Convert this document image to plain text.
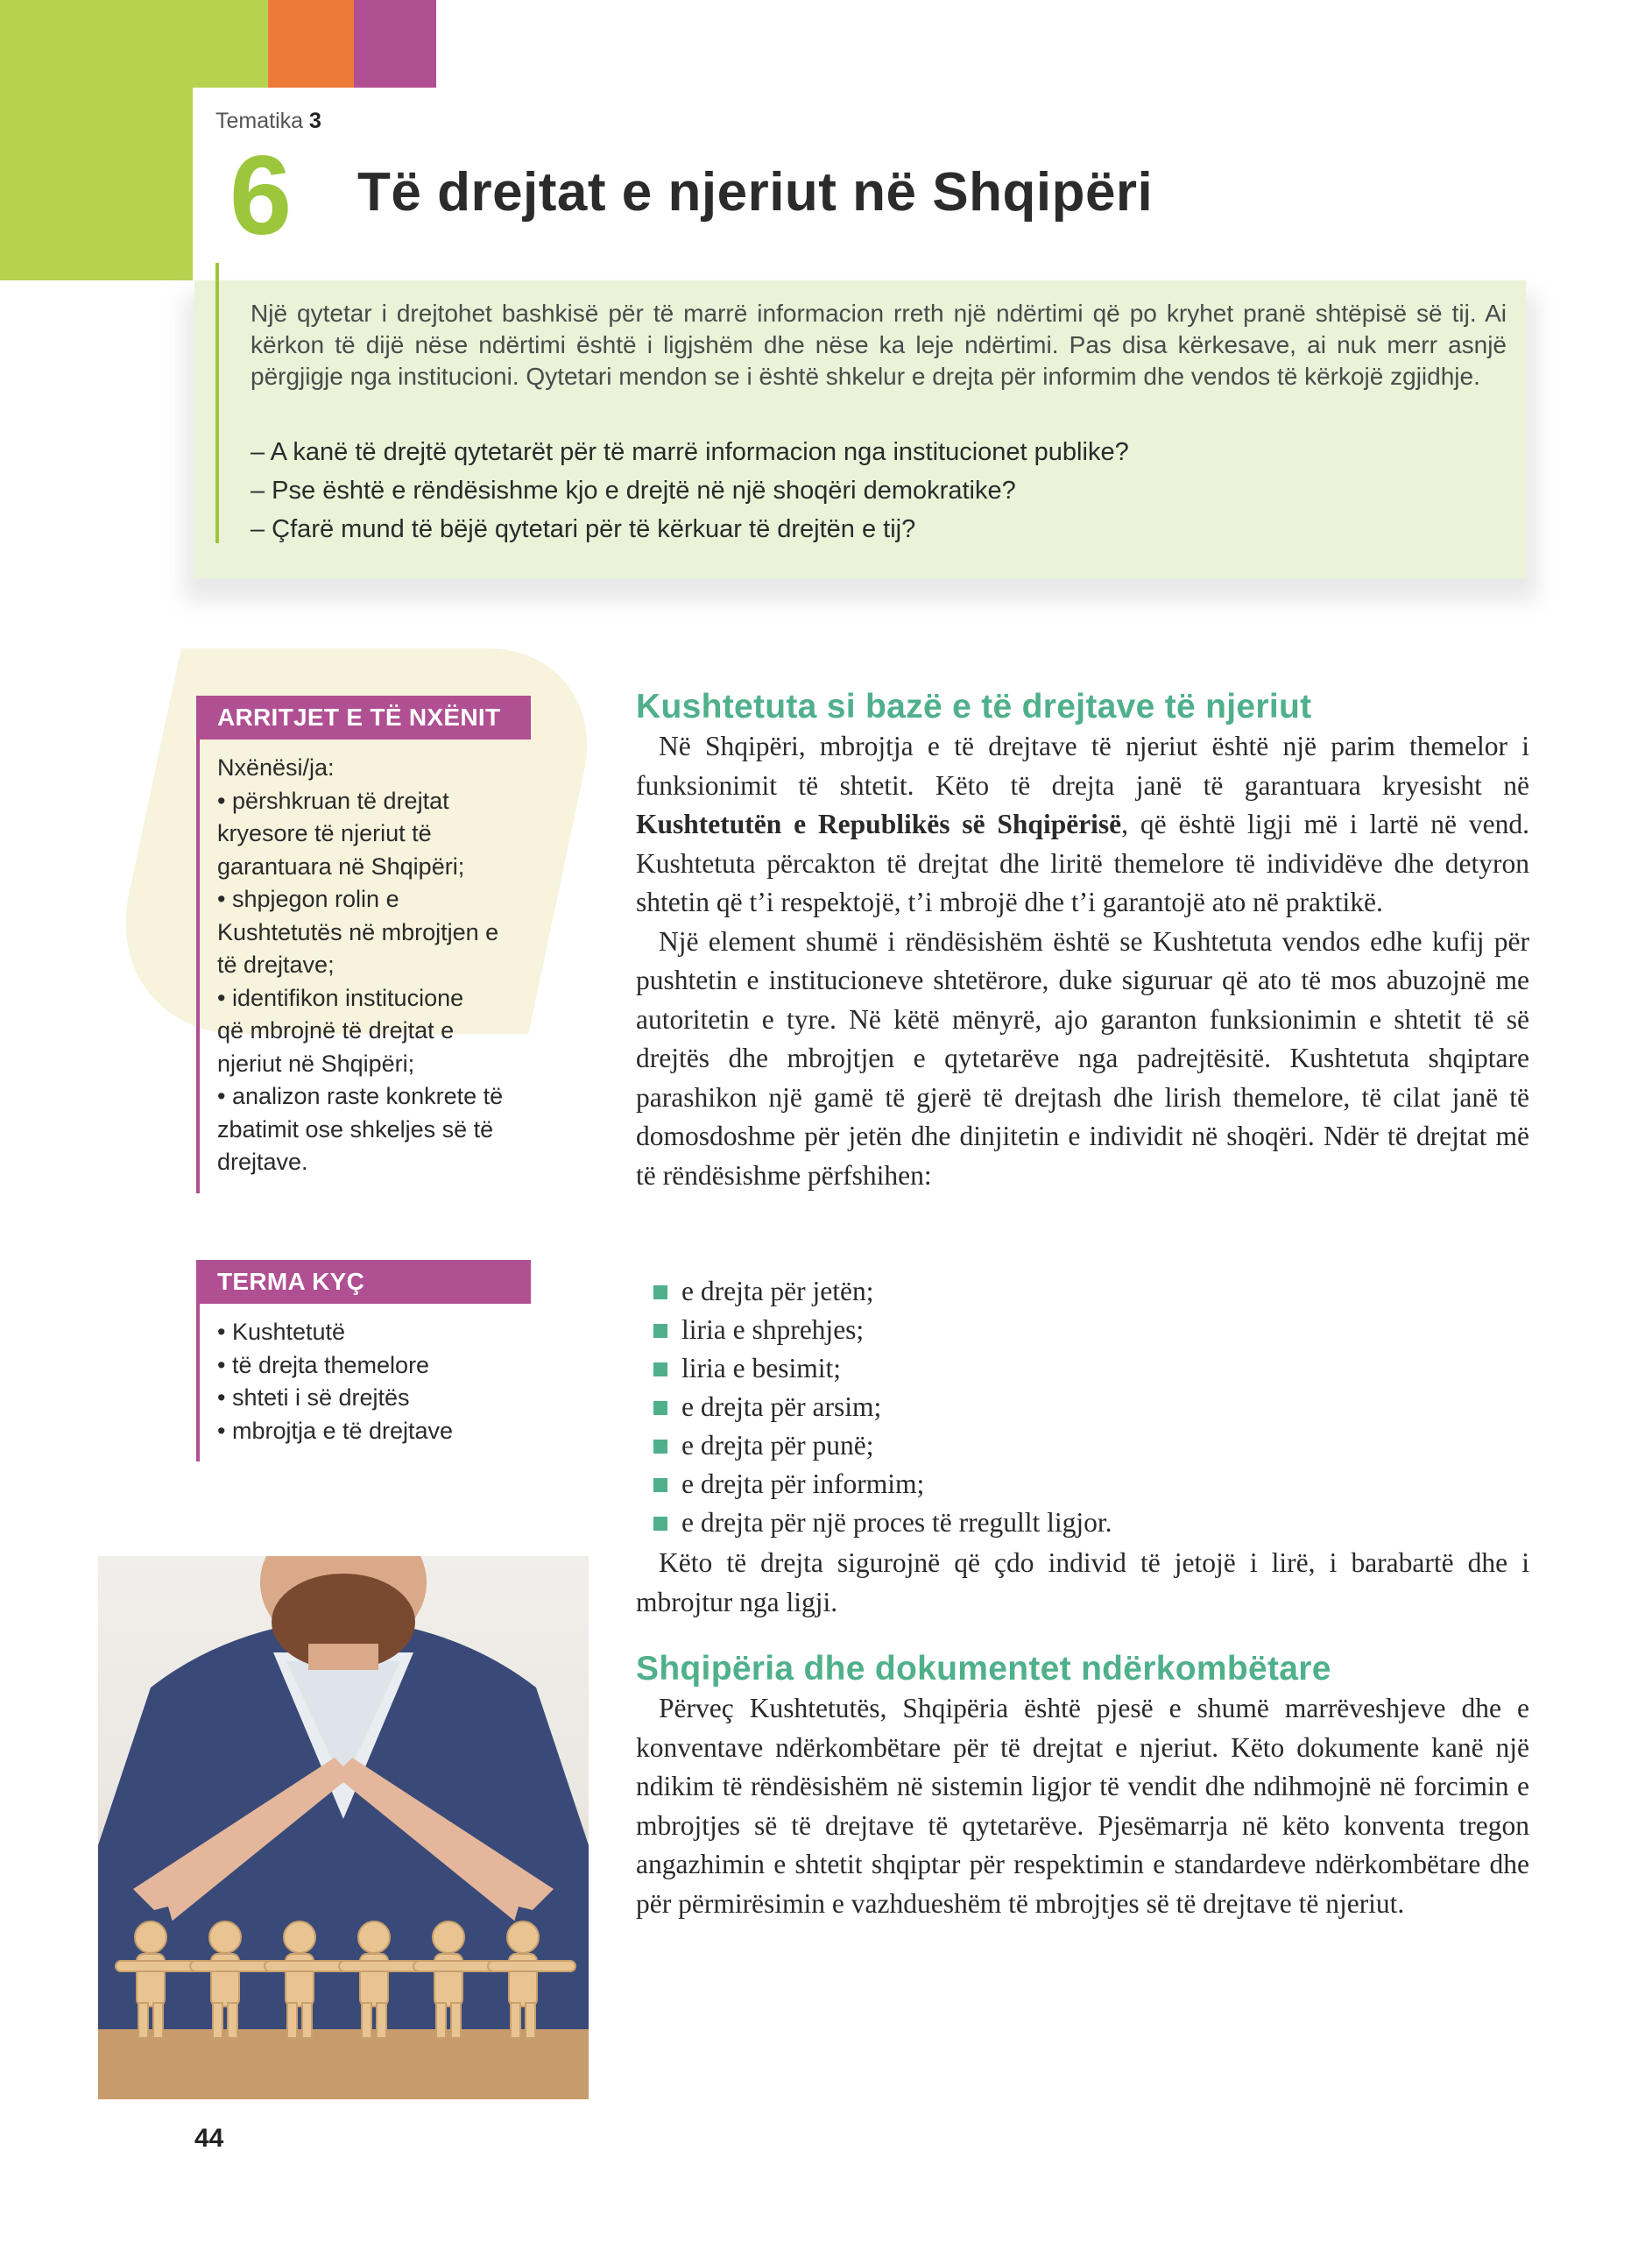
Tematika 3
6 Të drejtat e njeriut në Shqipëri
Një qytetar i drejtohet bashkisë për të marrë informacion rreth një ndërtimi që po kryhet pranë shtëpisë së tij. Ai kërkon të dijë nëse ndërtimi është i ligjshëm dhe nëse ka leje ndërtimi. Pas disa kërkesave, ai nuk merr asnjë përgjigje nga institucioni. Qytetari mendon se i është shkelur e drejta për informim dhe vendos të kërkojë zgjidhje.
– A kanë të drejtë qytetarët për të marrë informacion nga institucionet publike?
– Pse është e rëndësishme kjo e drejtë në një shoqëri demokratike?
– Çfarë mund të bëjë qytetari për të kërkuar të drejtën e tij?
ARRITJET E TË NXËNIT
Nxënësi/ja:
• përshkruan të drejtat
kryesore të njeriut të
garantuara në Shqipëri;
• shpjegon rolin e
Kushtetutës në mbrojtjen e
të drejtave;
• identifikon institucione
që mbrojnë të drejtat e
njeriut në Shqipëri;
• analizon raste konkrete të
zbatimit ose shkeljes së të
drejtave.
TERMA KYÇ
• Kushtetutë
• të drejta themelore
• shteti i së drejtës
• mbrojtja e të drejtave
Kushtetuta si bazë e të drejtave të njeriut

Në Shqipëri, mbrojtja e të drejtave të njeriut është një parim themelor i funksionimit të shtetit. Këto të drejta janë të garantuara kryesisht në Kushtetutën e Republikës së Shqipërisë, që është ligji më i lartë në vend. Kushtetuta përcakton të drejtat dhe liritë themelore të individëve dhe detyron shtetin që t’i respektojë, t’i mbrojë dhe t’i garantojë ato në praktikë.

Një element shumë i rëndësishëm është se Kushtetuta vendos edhe kufij për pushtetin e institucioneve shtetërore, duke siguruar që ato të mos abuzojnë me autoritetin e tyre. Në këtë mënyrë, ajo garanton funksionimin e shtetit të së drejtës dhe mbrojtjen e qytetarëve nga padrejtësitë. Kushtetuta shqiptare parashikon një gamë të gjerë të drejtash dhe lirish themelore, të cilat janë të domosdoshme për jetën dhe dinjitetin e individit në shoqëri. Ndër të drejtat më të rëndësishme përfshihen:

e drejta për jetën;
liria e shprehjes;
liria e besimit;
e drejta për arsim;
e drejta për punë;
e drejta për informim;
e drejta për një proces të rregullt ligjor.

Këto të drejta sigurojnë që çdo individ të jetojë i lirë, i barabartë dhe i mbrojtur nga ligji.

Shqipëria dhe dokumentet ndërkombëtare

Përveç Kushtetutës, Shqipëria është pjesë e shumë marrëveshjeve dhe e konventave ndërkombëtare për të drejtat e njeriut. Këto dokumente kanë një ndikim të rëndësishëm në sistemin ligjor të vendit dhe ndihmojnë në forcimin e mbrojtjes së të drejtave të qytetarëve. Pjesëmarrja në këto konventa tregon angazhimin e shtetit shqiptar për respektimin e standardeve ndërkombëtare dhe për përmirësimin e vazhdueshëm të mbrojtjes së të drejtave të njeriut.

44
